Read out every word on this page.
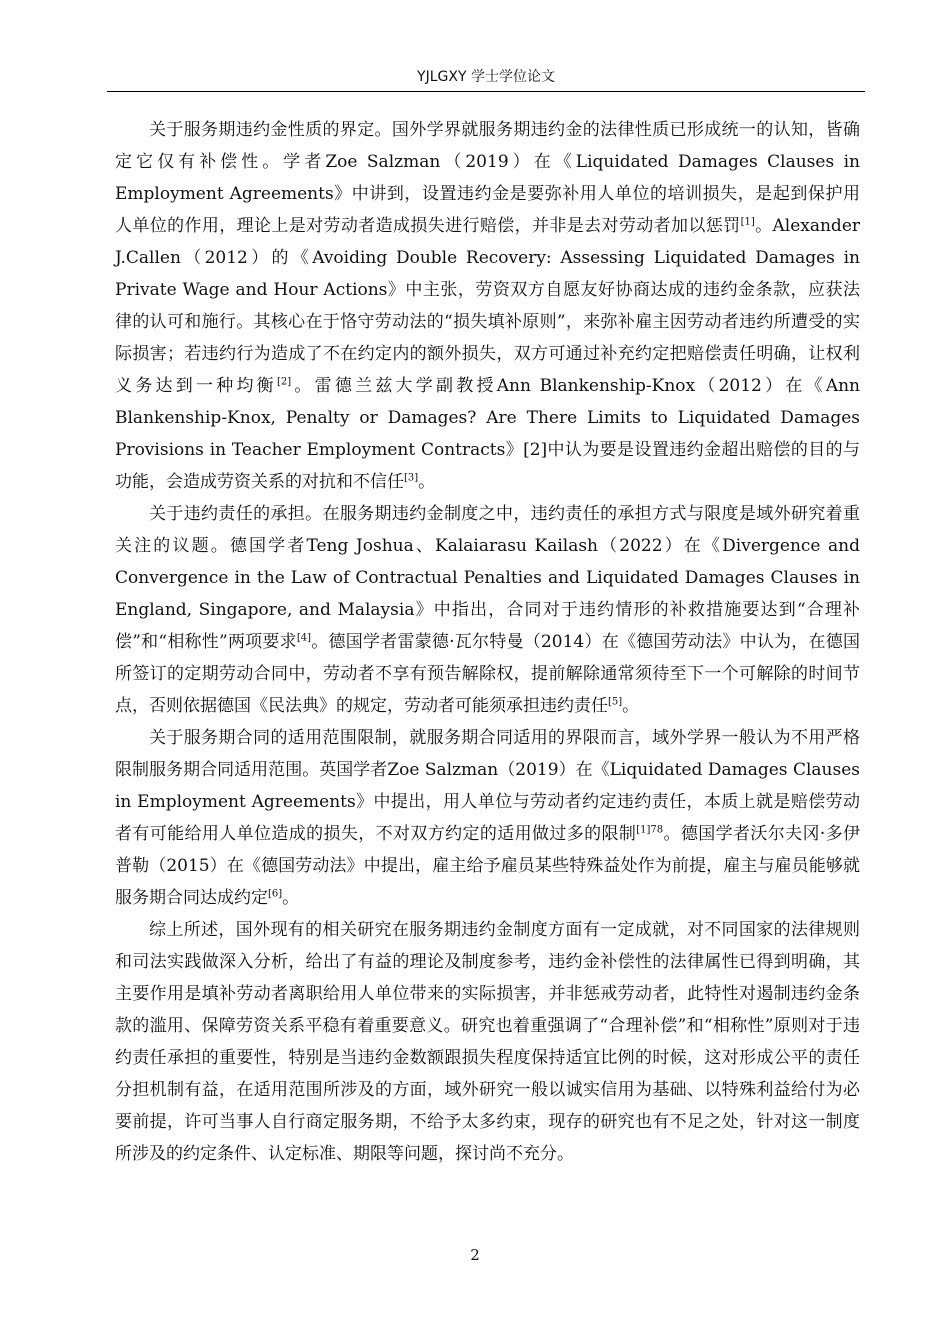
YJLGXY 学士学位论文

关于服务期违约金性质的界定。国外学界就服务期违约金的法律性质已形成统一的认知，皆确定它仅有补偿性。学者Zoe Salzman（2019）在《Liquidated Damages Clauses in Employment Agreements》中讲到，设置违约金是要弥补用人单位的培训损失，是起到保护用人单位的作用，理论上是对劳动者造成损失进行赔偿，并非是去对劳动者加以惩罚[1]。Alexander J.Callen（2012）的《Avoiding Double Recovery: Assessing Liquidated Damages in Private Wage and Hour Actions》中主张，劳资双方自愿友好协商达成的违约金条款，应获法律的认可和施行。其核心在于恪守劳动法的“损失填补原则”，来弥补雇主因劳动者违约所遭受的实际损害；若违约行为造成了不在约定内的额外损失，双方可通过补充约定把赔偿责任明确，让权利义务达到一种均衡[2]。雷德兰兹大学副教授Ann Blankenship-Knox（2012）在《Ann Blankenship-Knox, Penalty or Damages? Are There Limits to Liquidated Damages Provisions in Teacher Employment Contracts》[2]中认为要是设置违约金超出赔偿的目的与功能，会造成劳资关系的对抗和不信任[3]。

关于违约责任的承担。在服务期违约金制度之中，违约责任的承担方式与限度是域外研究着重关注的议题。德国学者Teng Joshua、Kalaiarasu Kailash（2022）在《Divergence and Convergence in the Law of Contractual Penalties and Liquidated Damages Clauses in England, Singapore, and Malaysia》中指出，合同对于违约情形的补救措施要达到“合理补偿”和“相称性”两项要求[4]。德国学者雷蒙德·瓦尔特曼（2014）在《德国劳动法》中认为，在德国所签订的定期劳动合同中，劳动者不享有预告解除权，提前解除通常须待至下一个可解除的时间节点，否则依据德国《民法典》的规定，劳动者可能须承担违约责任[5]。

关于服务期合同的适用范围限制，就服务期合同适用的界限而言，域外学界一般认为不用严格限制服务期合同适用范围。英国学者Zoe Salzman（2019）在《Liquidated Damages Clauses in Employment Agreements》中提出，用人单位与劳动者约定违约责任，本质上就是赔偿劳动者有可能给用人单位造成的损失，不对双方约定的适用做过多的限制$^{[1]78}$。德国学者沃尔夫冈·多伊普勒（2015）在《德国劳动法》中提出，雇主给予雇员某些特殊益处作为前提，雇主与雇员能够就服务期合同达成约定[6]。

综上所述，国外现有的相关研究在服务期违约金制度方面有一定成就，对不同国家的法律规则和司法实践做深入分析，给出了有益的理论及制度参考，违约金补偿性的法律属性已得到明确，其主要作用是填补劳动者离职给用人单位带来的实际损害，并非惩戒劳动者，此特性对遏制违约金条款的滥用、保障劳资关系平稳有着重要意义。研究也着重强调了“合理补偿”和“相称性”原则对于违约责任承担的重要性，特别是当违约金数额跟损失程度保持适宜比例的时候，这对形成公平的责任分担机制有益，在适用范围所涉及的方面，域外研究一般以诚实信用为基础、以特殊利益给付为必要前提，许可当事人自行商定服务期，不给予太多约束，现存的研究也有不足之处，针对这一制度所涉及的约定条件、认定标准、期限等问题，探讨尚不充分。

2
